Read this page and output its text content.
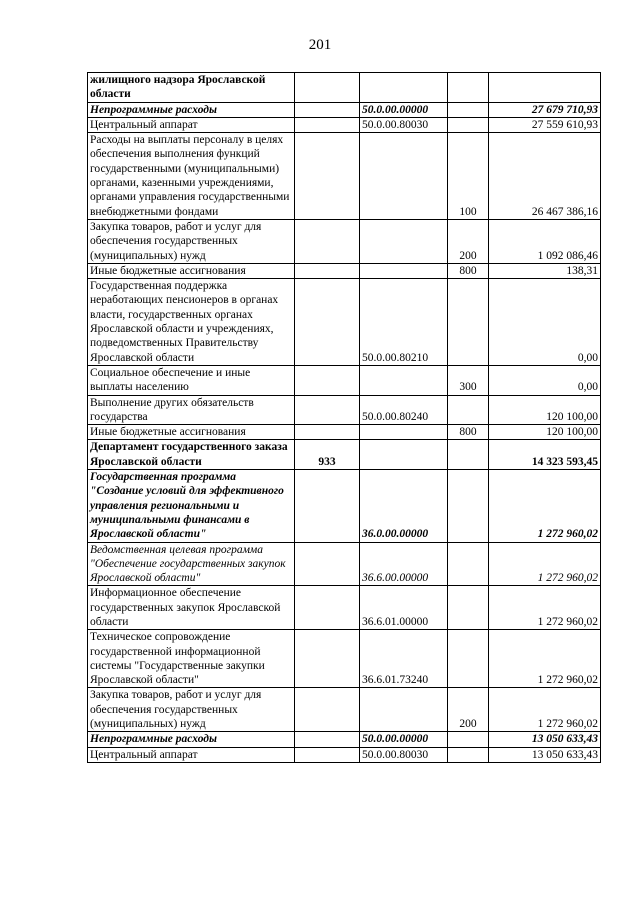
201
жилищного надзора Ярославской области				
Непрограммные расходы		50.0.00.00000		27 679 710,93
Центральный аппарат		50.0.00.80030		27 559 610,93
Расходы на выплаты персоналу в целях обеспечения выполнения функций государственными (муниципальными) органами, казенными учреждениями, органами управления государственными внебюджетными фондами			100	26 467 386,16
Закупка товаров, работ и услуг для обеспечения государственных (муниципальных) нужд			200	1 092 086,46
Иные бюджетные ассигнования			800	138,31
Государственная поддержка неработающих пенсионеров в органах власти, государственных органах Ярославской области и учреждениях, подведомственных Правительству Ярославской области		50.0.00.80210		0,00
Социальное обеспечение и иные выплаты населению			300	0,00
Выполнение других обязательств государства		50.0.00.80240		120 100,00
Иные бюджетные ассигнования			800	120 100,00
Департамент государственного заказа Ярославской области	933			14 323 593,45
Государственная программа "Создание условий для эффективного управления региональными и муниципальными финансами в Ярославской области"		36.0.00.00000		1 272 960,02
Ведомственная целевая программа "Обеспечение государственных закупок Ярославской области"		36.6.00.00000		1 272 960,02
Информационное обеспечение государственных закупок Ярославской области		36.6.01.00000		1 272 960,02
Техническое сопровождение государственной информационной системы "Государственные закупки Ярославской области"		36.6.01.73240		1 272 960,02
Закупка товаров, работ и услуг для обеспечения государственных (муниципальных) нужд			200	1 272 960,02
Непрограммные расходы		50.0.00.00000		13 050 633,43
Центральный аппарат		50.0.00.80030		13 050 633,43
